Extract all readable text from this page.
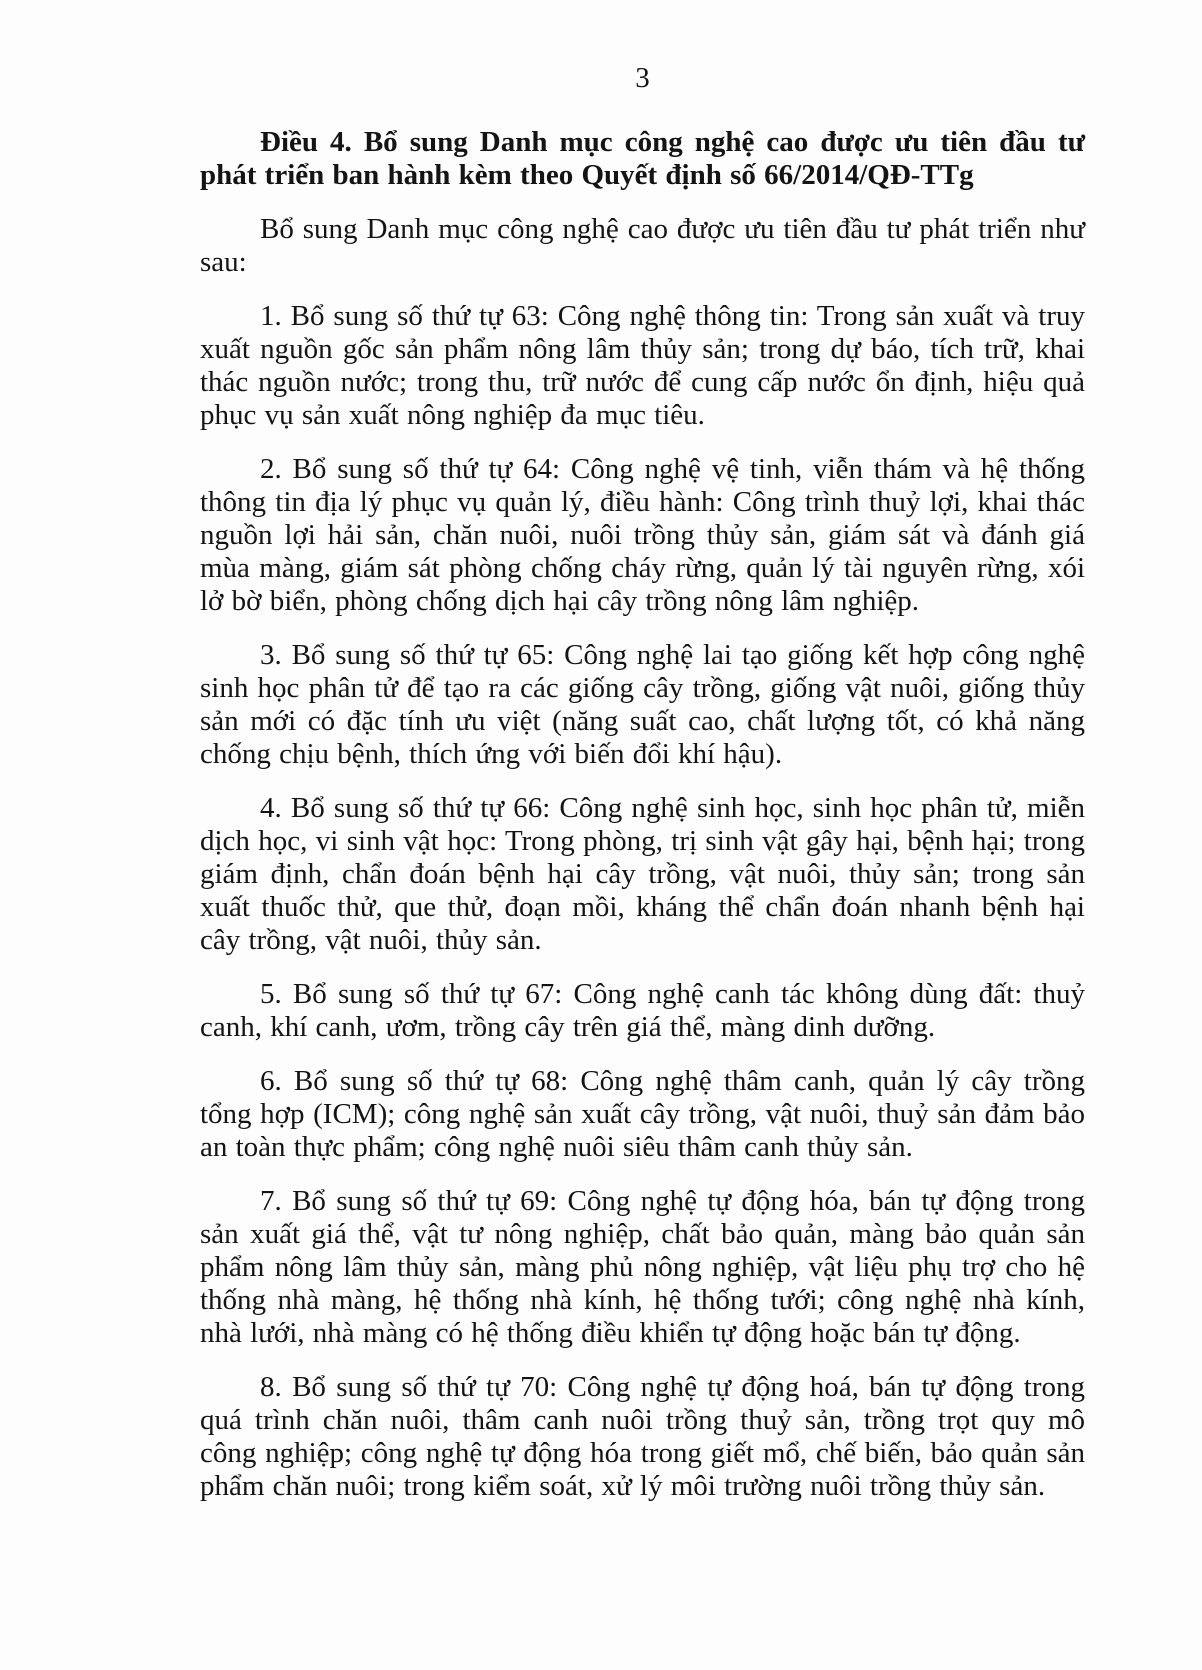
3

Điều 4. Bổ sung Danh mục công nghệ cao được ưu tiên đầu tư phát triển ban hành kèm theo Quyết định số 66/2014/QĐ-TTg

Bổ sung Danh mục công nghệ cao được ưu tiên đầu tư phát triển như sau:

1. Bổ sung số thứ tự 63: Công nghệ thông tin: Trong sản xuất và truy xuất nguồn gốc sản phẩm nông lâm thủy sản; trong dự báo, tích trữ, khai thác nguồn nước; trong thu, trữ nước để cung cấp nước ổn định, hiệu quả phục vụ sản xuất nông nghiệp đa mục tiêu.

2. Bổ sung số thứ tự 64: Công nghệ vệ tinh, viễn thám và hệ thống thông tin địa lý phục vụ quản lý, điều hành: Công trình thuỷ lợi, khai thác nguồn lợi hải sản, chăn nuôi, nuôi trồng thủy sản, giám sát và đánh giá mùa màng, giám sát phòng chống cháy rừng, quản lý tài nguyên rừng, xói lở bờ biển, phòng chống dịch hại cây trồng nông lâm nghiệp.

3. Bổ sung số thứ tự 65: Công nghệ lai tạo giống kết hợp công nghệ sinh học phân tử để tạo ra các giống cây trồng, giống vật nuôi, giống thủy sản mới có đặc tính ưu việt (năng suất cao, chất lượng tốt, có khả năng chống chịu bệnh, thích ứng với biến đổi khí hậu).

4. Bổ sung số thứ tự 66: Công nghệ sinh học, sinh học phân tử, miễn dịch học, vi sinh vật học: Trong phòng, trị sinh vật gây hại, bệnh hại; trong giám định, chẩn đoán bệnh hại cây trồng, vật nuôi, thủy sản; trong sản xuất thuốc thử, que thử, đoạn mồi, kháng thể chẩn đoán nhanh bệnh hại cây trồng, vật nuôi, thủy sản.

5. Bổ sung số thứ tự 67: Công nghệ canh tác không dùng đất: thuỷ canh, khí canh, ươm, trồng cây trên giá thể, màng dinh dưỡng.

6. Bổ sung số thứ tự 68: Công nghệ thâm canh, quản lý cây trồng tổng hợp (ICM); công nghệ sản xuất cây trồng, vật nuôi, thuỷ sản đảm bảo an toàn thực phẩm; công nghệ nuôi siêu thâm canh thủy sản.

7. Bổ sung số thứ tự 69: Công nghệ tự động hóa, bán tự động trong sản xuất giá thể, vật tư nông nghiệp, chất bảo quản, màng bảo quản sản phẩm nông lâm thủy sản, màng phủ nông nghiệp, vật liệu phụ trợ cho hệ thống nhà màng, hệ thống nhà kính, hệ thống tưới; công nghệ nhà kính, nhà lưới, nhà màng có hệ thống điều khiển tự động hoặc bán tự động.

8. Bổ sung số thứ tự 70: Công nghệ tự động hoá, bán tự động trong quá trình chăn nuôi, thâm canh nuôi trồng thuỷ sản, trồng trọt quy mô công nghiệp; công nghệ tự động hóa trong giết mổ, chế biến, bảo quản sản phẩm chăn nuôi; trong kiểm soát, xử lý môi trường nuôi trồng thủy sản.
